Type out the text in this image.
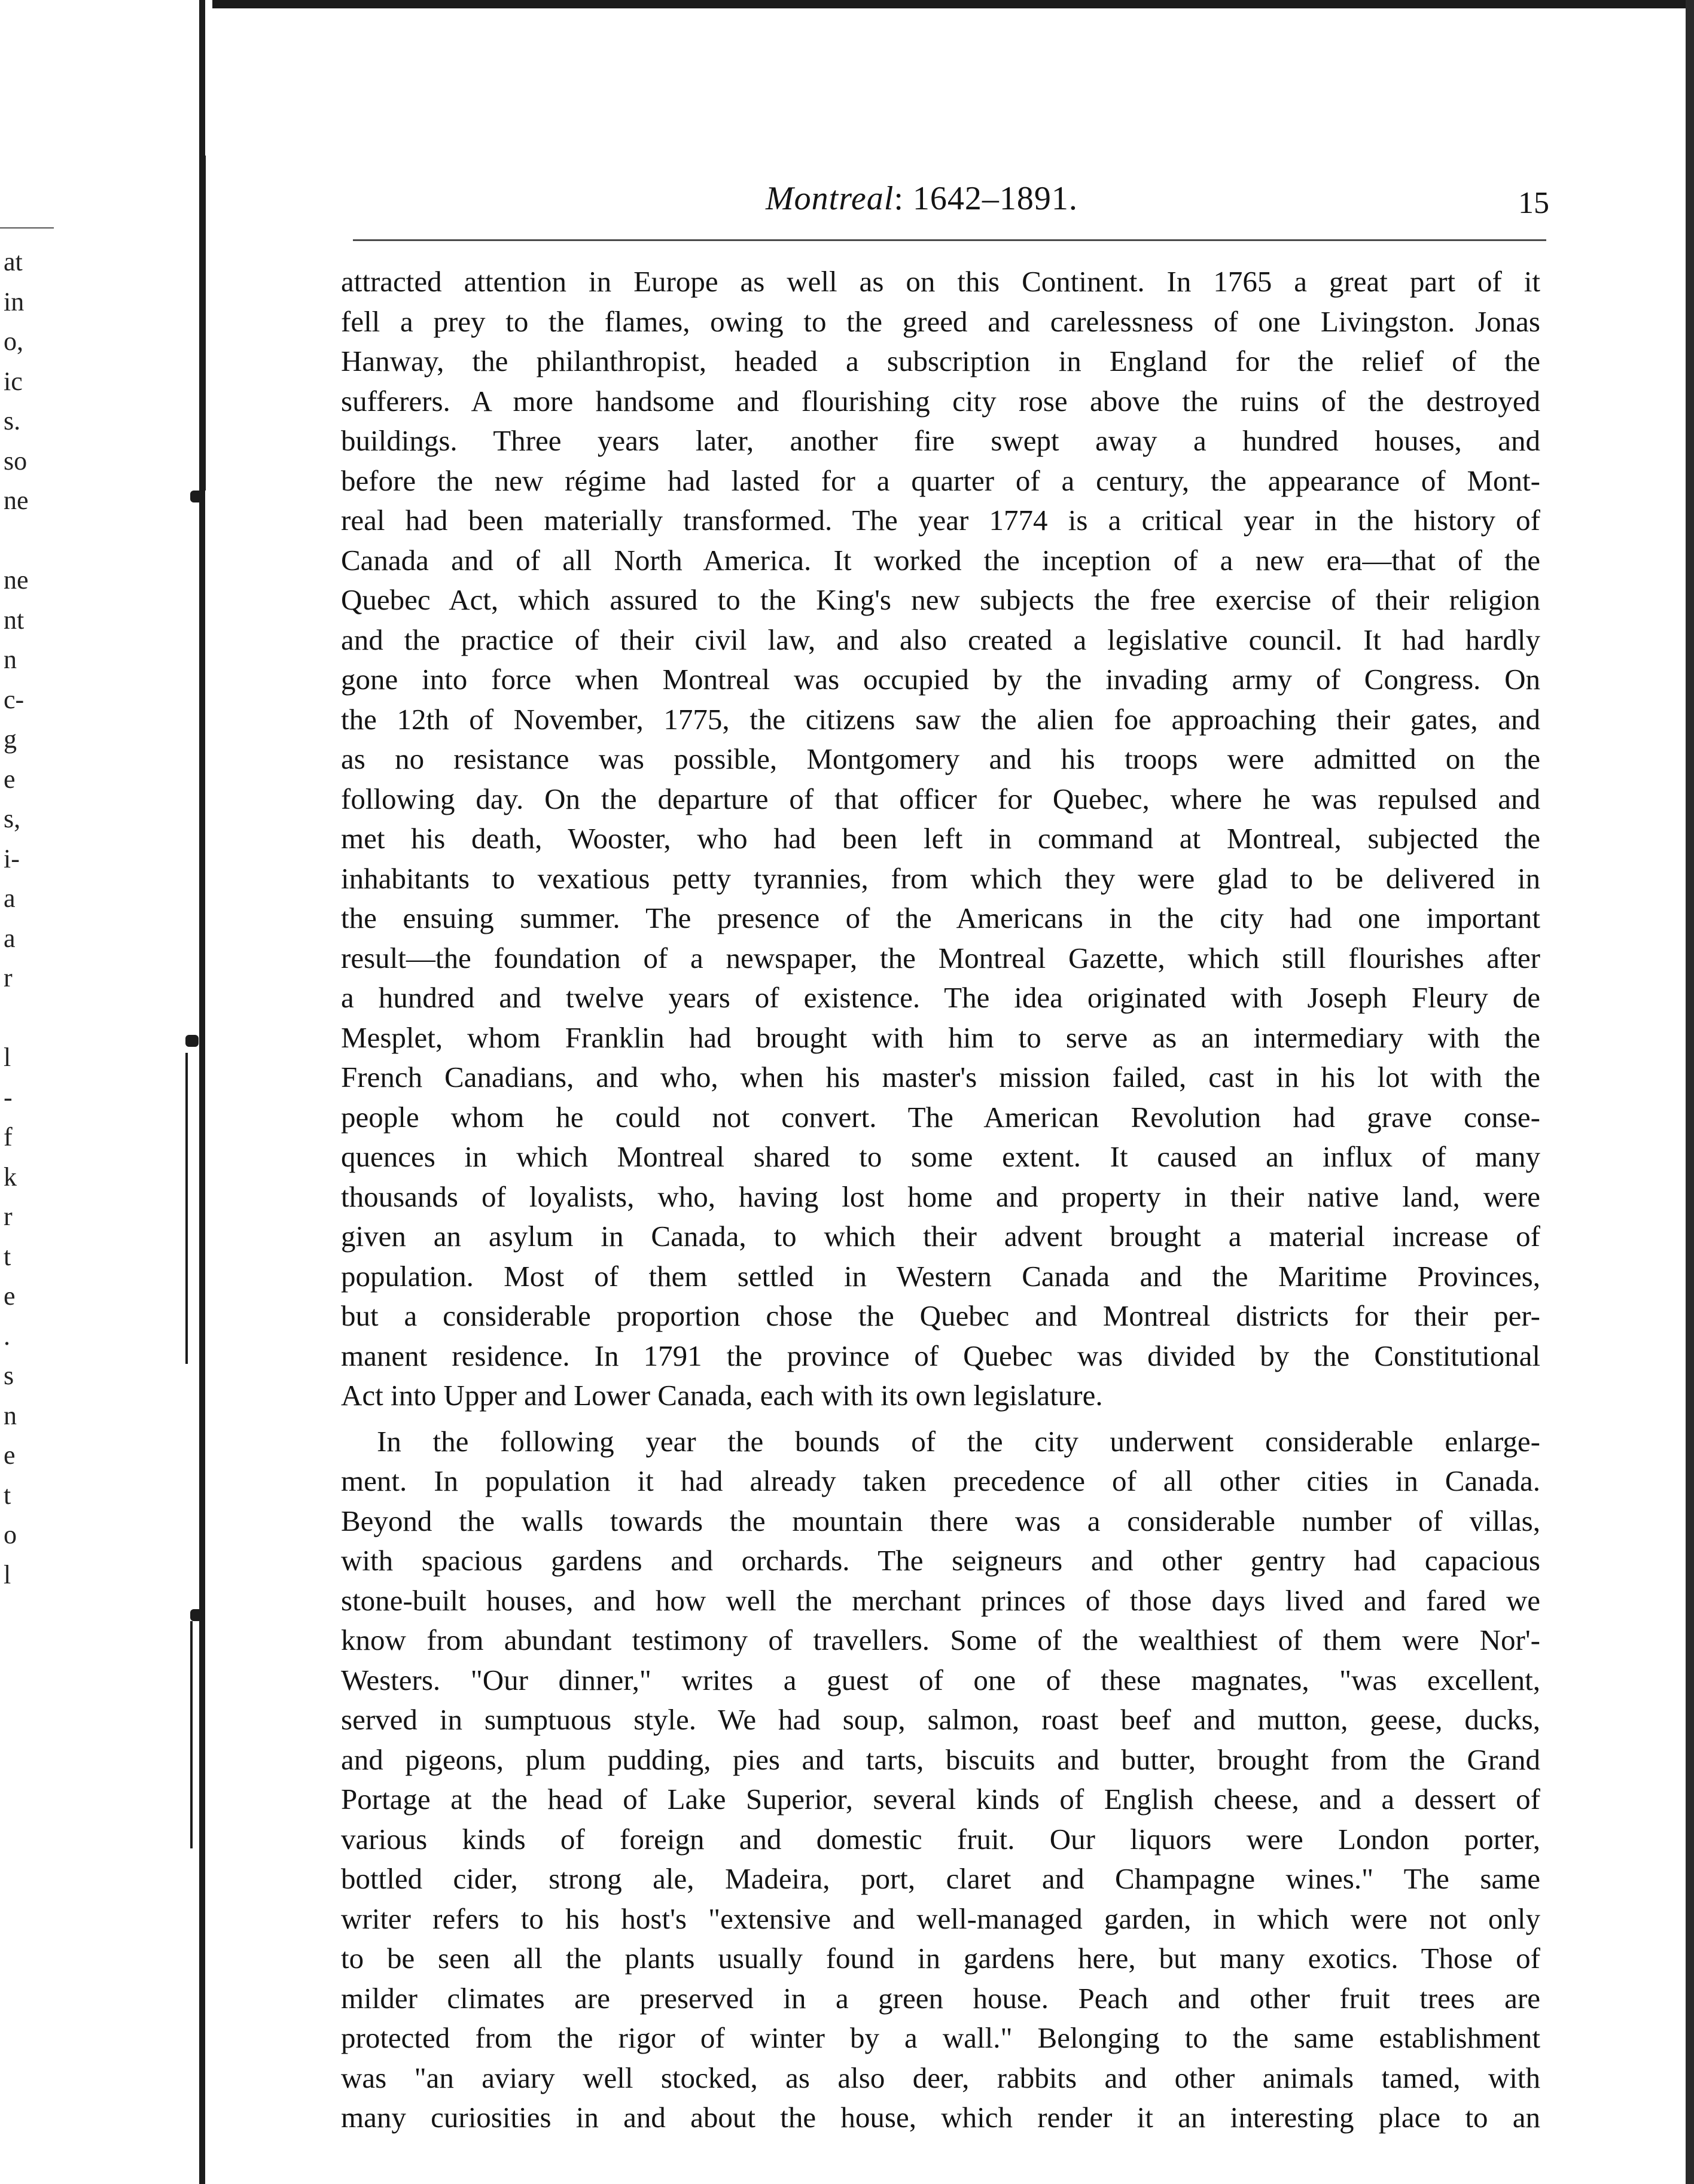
at
in
o,
ic
s.
so
ne
ne
nt
n
c-
g
e
s,
i-
a
a
r
l
-
f
k
r
t
e
.
s
n
e
t
o
l
Montreal: 1642–1891.	15
attracted attention in Europe as well as on this Continent. In 1765 a great part of it
fell a prey to the flames, owing to the greed and carelessness of one Livingston. Jonas
Hanway, the philanthropist, headed a subscription in England for the relief of the
sufferers. A more handsome and flourishing city rose above the ruins of the destroyed
buildings. Three years later, another fire swept away a hundred houses, and
before the new régime had lasted for a quarter of a century, the appearance of Mont-
real had been materially transformed. The year 1774 is a critical year in the history of
Canada and of all North America. It worked the inception of a new era—that of the
Quebec Act, which assured to the King's new subjects the free exercise of their religion
and the practice of their civil law, and also created a legislative council. It had hardly
gone into force when Montreal was occupied by the invading army of Congress. On
the 12th of November, 1775, the citizens saw the alien foe approaching their gates, and
as no resistance was possible, Montgomery and his troops were admitted on the
following day. On the departure of that officer for Quebec, where he was repulsed and
met his death, Wooster, who had been left in command at Montreal, subjected the
inhabitants to vexatious petty tyrannies, from which they were glad to be delivered in
the ensuing summer. The presence of the Americans in the city had one important
result—the foundation of a newspaper, the Montreal Gazette, which still flourishes after
a hundred and twelve years of existence. The idea originated with Joseph Fleury de
Mesplet, whom Franklin had brought with him to serve as an intermediary with the
French Canadians, and who, when his master's mission failed, cast in his lot with the
people whom he could not convert. The American Revolution had grave conse-
quences in which Montreal shared to some extent. It caused an influx of many
thousands of loyalists, who, having lost home and property in their native land, were
given an asylum in Canada, to which their advent brought a material increase of
population. Most of them settled in Western Canada and the Maritime Provinces,
but a considerable proportion chose the Quebec and Montreal districts for their per-
manent residence. In 1791 the province of Quebec was divided by the Constitutional
Act into Upper and Lower Canada, each with its own legislature.
In the following year the bounds of the city underwent considerable enlarge-
ment. In population it had already taken precedence of all other cities in Canada.
Beyond the walls towards the mountain there was a considerable number of villas,
with spacious gardens and orchards. The seigneurs and other gentry had capacious
stone-built houses, and how well the merchant princes of those days lived and fared we
know from abundant testimony of travellers. Some of the wealthiest of them were Nor'-
Westers. "Our dinner," writes a guest of one of these magnates, "was excellent,
served in sumptuous style. We had soup, salmon, roast beef and mutton, geese, ducks,
and pigeons, plum pudding, pies and tarts, biscuits and butter, brought from the Grand
Portage at the head of Lake Superior, several kinds of English cheese, and a dessert of
various kinds of foreign and domestic fruit. Our liquors were London porter,
bottled cider, strong ale, Madeira, port, claret and Champagne wines." The same
writer refers to his host's "extensive and well-managed garden, in which were not only
to be seen all the plants usually found in gardens here, but many exotics. Those of
milder climates are preserved in a green house. Peach and other fruit trees are
protected from the rigor of winter by a wall." Belonging to the same establishment
was "an aviary well stocked, as also deer, rabbits and other animals tamed, with
many curiosities in and about the house, which render it an interesting place to an
